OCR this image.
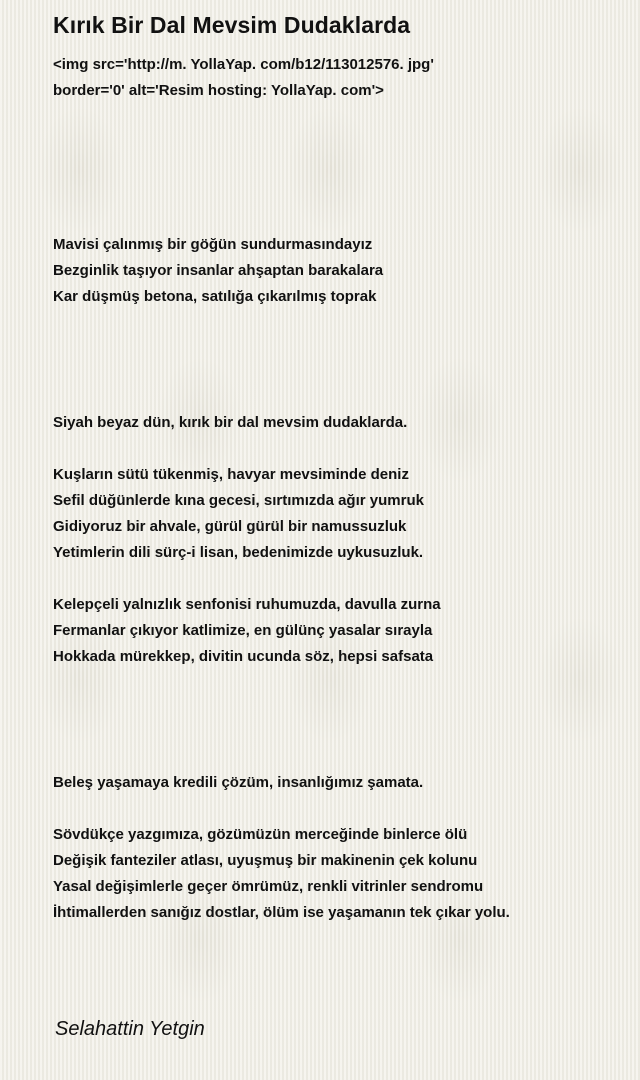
Kırık Bir Dal Mevsim Dudaklarda
<img src='http://m. YollaYap. com/b12/113012576. jpg'
border='0' alt='Resim hosting: YollaYap. com'>
Mavisi çalınmış bir göğün sundurmasındayız
Bezginlik taşıyor insanlar ahşaptan barakalara
Kar düşmüş betona, satılığa çıkarılmış toprak
Siyah beyaz dün, kırık bir dal mevsim dudaklarda.
Kuşların sütü tükenmiş, havyar mevsiminde deniz
Sefil düğünlerde kına gecesi, sırtımızda ağır yumruk
Gidiyoruz bir ahvale, gürül gürül bir namussuzluk
Yetimlerin dili sürç-i lisan, bedenimizde uykusuzluk.
Kelepçeli yalnızlık senfonisi ruhumuzda, davulla zurna
Fermanlar çıkıyor katlimize, en gülünç yasalar sırayla
Hokkada mürekkep, divitin ucunda söz, hepsi safsata
Beleş yaşamaya kredili çözüm, insanlığımız şamata.
Sövdükçe yazgımıza, gözümüzün merceğinde binlerce ölü
Değişik fanteziler atlası, uyuşmuş bir makinenin çek kolunu
Yasal değişimlerle geçer ömrümüz, renkli vitrinler sendromu
İhtimallerden sanığız dostlar, ölüm ise yaşamanın tek çıkar yolu.
Selahattin Yetgin
